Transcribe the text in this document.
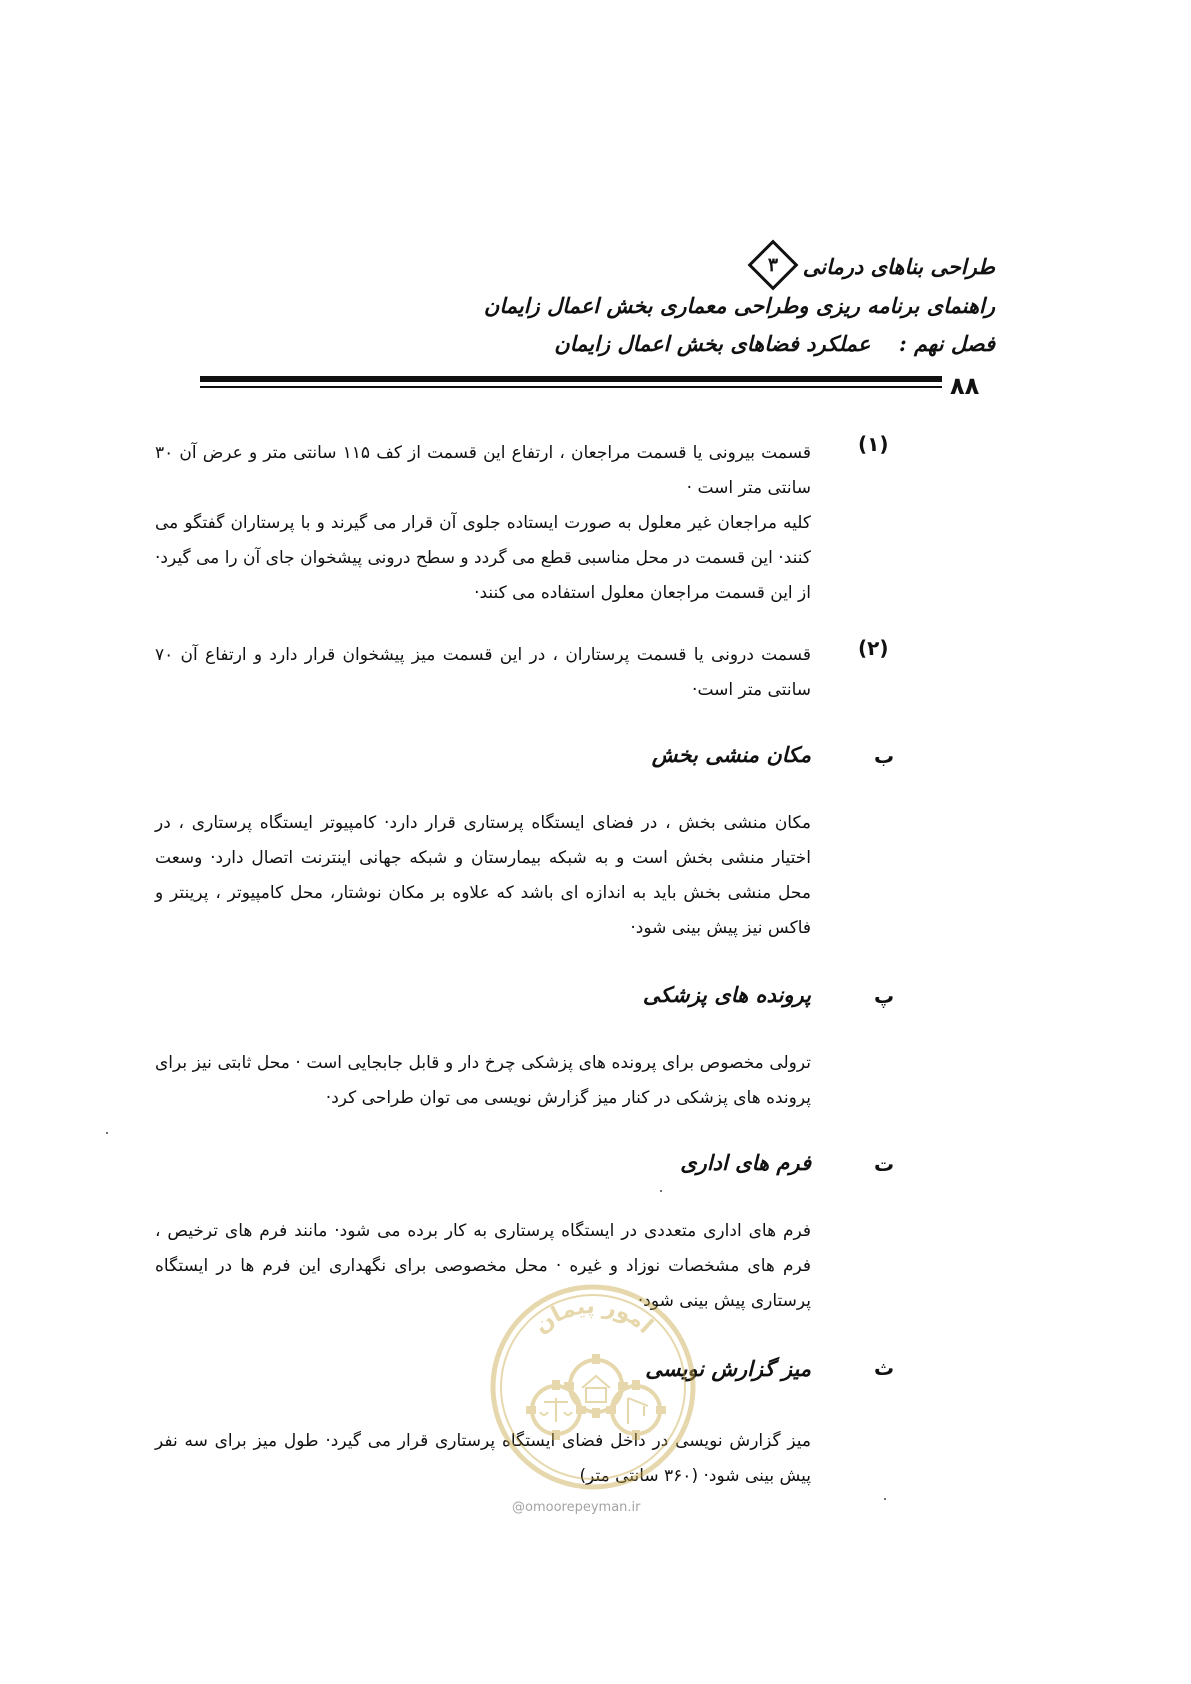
طراحی بناهای درمانی
۳
راهنمای برنامه ریزی وطراحی معماری بخش اعمال زایمان
فصل نهم :  عملکرد فضاهای بخش اعمال زایمان
۸۸
(۱)
قسمت بیرونی یا قسمت مراجعان ، ارتفاع این قسمت از کف ۱۱۵ سانتی متر و عرض آن ۳۰ سانتی متر است ·
کلیه مراجعان غیر معلول به صورت ایستاده جلوی آن قرار می گیرند و با پرستاران گفتگو می کنند· این قسمت در محل مناسبی قطع می گردد و سطح درونی پیشخوان جای آن را می گیرد· از این قسمت مراجعان معلول استفاده می کنند·
(۲)
قسمت درونی یا قسمت پرستاران ، در این قسمت میز پیشخوان قرار دارد و ارتفاع آن ۷۰ سانتی متر است·
ب
مکان منشی بخش
مکان منشی بخش ، در فضای ایستگاه پرستاری قرار دارد· کامپیوتر ایستگاه پرستاری ، در اختیار منشی بخش است و به شبکه بیمارستان و شبکه جهانی اینترنت اتصال دارد· وسعت محل منشی بخش باید به اندازه ای باشد که علاوه بر مکان نوشتار، محل کامپیوتر ، پرینتر و فاکس نیز پیش بینی شود·
پ
پرونده های پزشکی
ترولی مخصوص برای پرونده های پزشکی چرخ دار و قابل جابجایی است · محل ثابتی نیز برای پرونده های پزشکی در کنار میز گزارش نویسی می توان طراحی کرد·
ت
فرم های اداری
فرم های اداری متعددی در ایستگاه پرستاری به کار برده می شود· مانند فرم های ترخیص ، فرم های مشخصات نوزاد و غیره · محل مخصوصی برای نگهداری این فرم ها در ایستگاه پرستاری پیش بینی شود·
ث
میز گزارش نویسی
میز گزارش نویسی در داخل فضای ایستگاه پرستاری قرار می گیرد· طول میز برای سه نفر پیش بینی شود· (۳۶۰ سانتی متر)
امور پیمان
@omoorepeyman.ir
